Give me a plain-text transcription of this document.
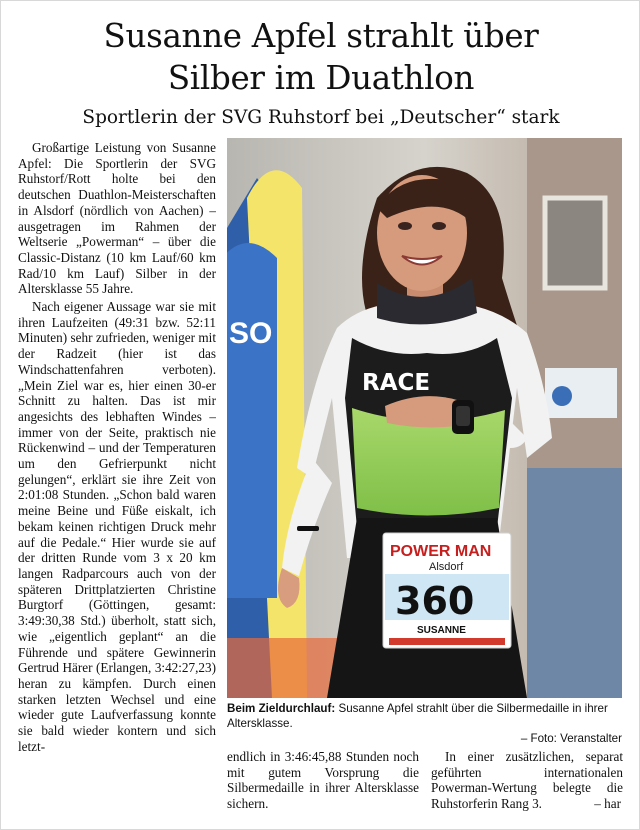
Susanne Apfel strahlt über
Silber im Duathlon
Sportlerin der SVG Ruhstorf bei „Deutscher“ stark

Großartige Leistung von Susanne Apfel: Die Sportlerin der SVG Ruhstorf/Rott holte bei den deutschen Duathlon-Meisterschaften in Alsdorf (nördlich von Aachen) – ausgetragen im Rahmen der Weltserie „Powerman“ – über die Classic-Distanz (10 km Lauf/60 km Rad/10 km Lauf) Silber in der Altersklasse 55 Jahre.

Nach eigener Aussage war sie mit ihren Laufzeiten (49:31 bzw. 52:11 Minuten) sehr zufrieden, weniger mit der Radzeit (hier ist das Windschattenfahren verboten). „Mein Ziel war es, hier einen 30-er Schnitt zu halten. Das ist mir angesichts des lebhaften Windes – immer von der Seite, praktisch nie Rückenwind – und der Temperaturen um den Gefrierpunkt nicht gelungen“, erklärt sie ihre Zeit von 2:01:08 Stunden. „Schon bald waren meine Beine und Füße eiskalt, ich bekam keinen richtigen Druck mehr auf die Pedale.“ Hier wurde sie auf der dritten Runde vom 3 x 20 km langen Radparcours auch von der späteren Drittplatzierten Christine Burgtorf (Göttingen, gesamt: 3:49:30,38 Std.) überholt, statt sich, wie „eigentlich geplant“ an die Führende und spätere Gewinnerin Gertrud Härer (Erlangen, 3:42:27,23) heran zu kämpfen. Durch einen starken letzten Wechsel und eine wieder gute Laufverfassung konnte sie bald wieder kontern und sich letzt-

SO
RACE
POWER MAN
Alsdorf
360
SUSANNE
Beim Zieldurchlauf: Susanne Apfel strahlt über die Silbermedaille in ihrer Altersklasse.
– Foto: Veranstalter

endlich in 3:46:45,88 Stunden noch mit gutem Vorsprung die Silbermedaille in ihrer Altersklasse sichern.

In einer zusätzlichen, separat geführten internationalen Powerman-Wertung belegte die Ruhstorferin Rang 3.	– har
